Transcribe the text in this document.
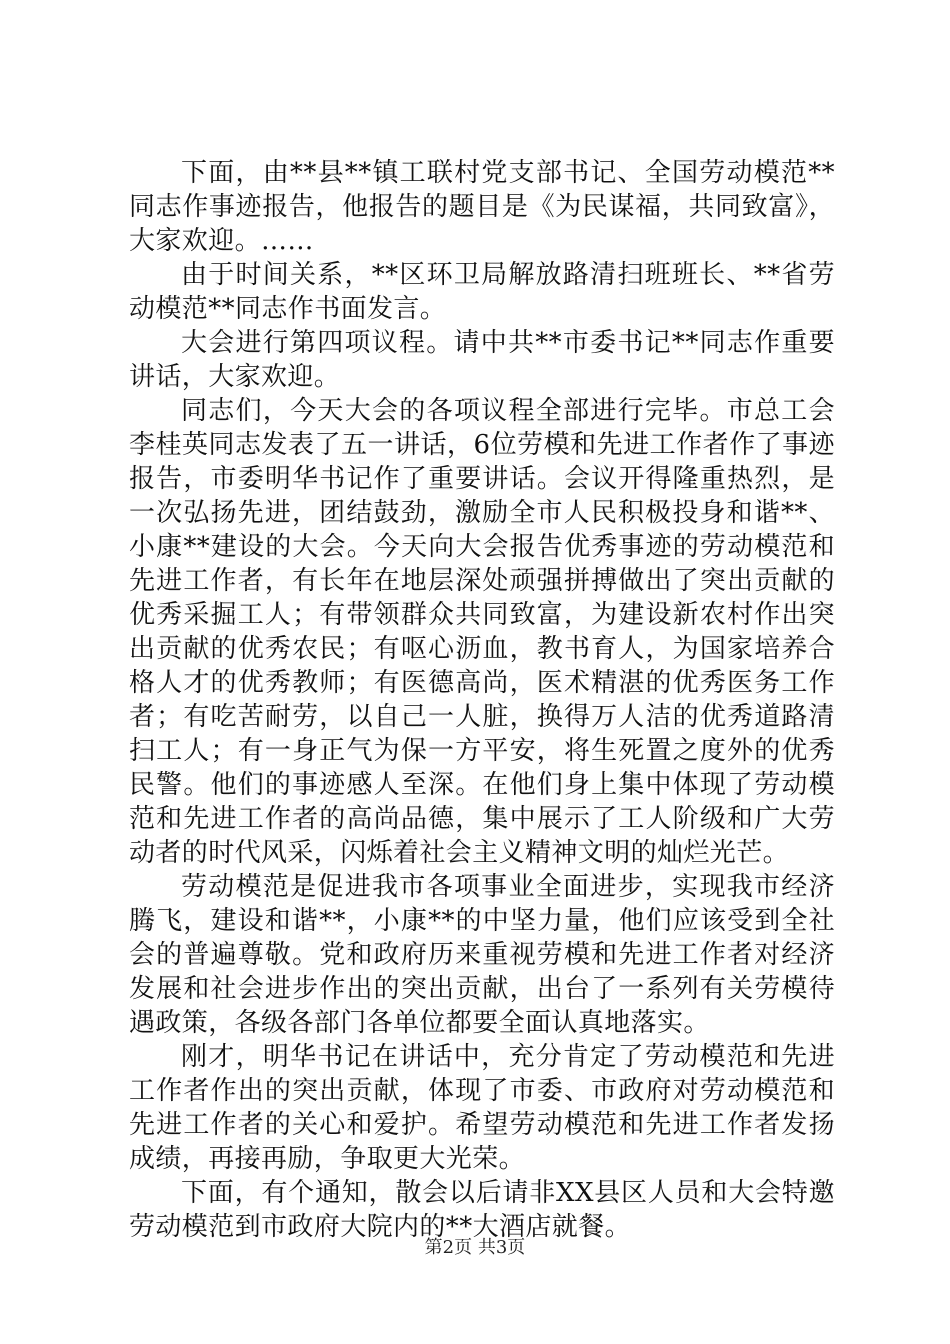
下面，由**县**镇工联村党支部书记、全国劳动模范**同志作事迹报告，他报告的题目是《为民谋福，共同致富》，大家欢迎。……

由于时间关系，**区环卫局解放路清扫班班长、**省劳动模范**同志作书面发言。

大会进行第四项议程。请中共**市委书记**同志作重要讲话，大家欢迎。

同志们，今天大会的各项议程全部进行完毕。市总工会李桂英同志发表了五一讲话，6位劳模和先进工作者作了事迹报告，市委明华书记作了重要讲话。会议开得隆重热烈，是一次弘扬先进，团结鼓劲，激励全市人民积极投身和谐**、小康**建设的大会。今天向大会报告优秀事迹的劳动模范和先进工作者，有长年在地层深处顽强拼搏做出了突出贡献的优秀采掘工人；有带领群众共同致富，为建设新农村作出突出贡献的优秀农民；有呕心沥血，教书育人，为国家培养合格人才的优秀教师；有医德高尚，医术精湛的优秀医务工作者；有吃苦耐劳，以自己一人脏，换得万人洁的优秀道路清扫工人；有一身正气为保一方平安，将生死置之度外的优秀民警。他们的事迹感人至深。在他们身上集中体现了劳动模范和先进工作者的高尚品德，集中展示了工人阶级和广大劳动者的时代风采，闪烁着社会主义精神文明的灿烂光芒。

劳动模范是促进我市各项事业全面进步，实现我市经济腾飞，建设和谐**，小康**的中坚力量，他们应该受到全社会的普遍尊敬。党和政府历来重视劳模和先进工作者对经济发展和社会进步作出的突出贡献，出台了一系列有关劳模待遇政策，各级各部门各单位都要全面认真地落实。

刚才，明华书记在讲话中，充分肯定了劳动模范和先进工作者作出的突出贡献，体现了市委、市政府对劳动模范和先进工作者的关心和爱护。希望劳动模范和先进工作者发扬成绩，再接再励，争取更大光荣。

下面，有个通知，散会以后请非XX县区人员和大会特邀劳动模范到市政府大院内的**大酒店就餐。

第2页 共3页
